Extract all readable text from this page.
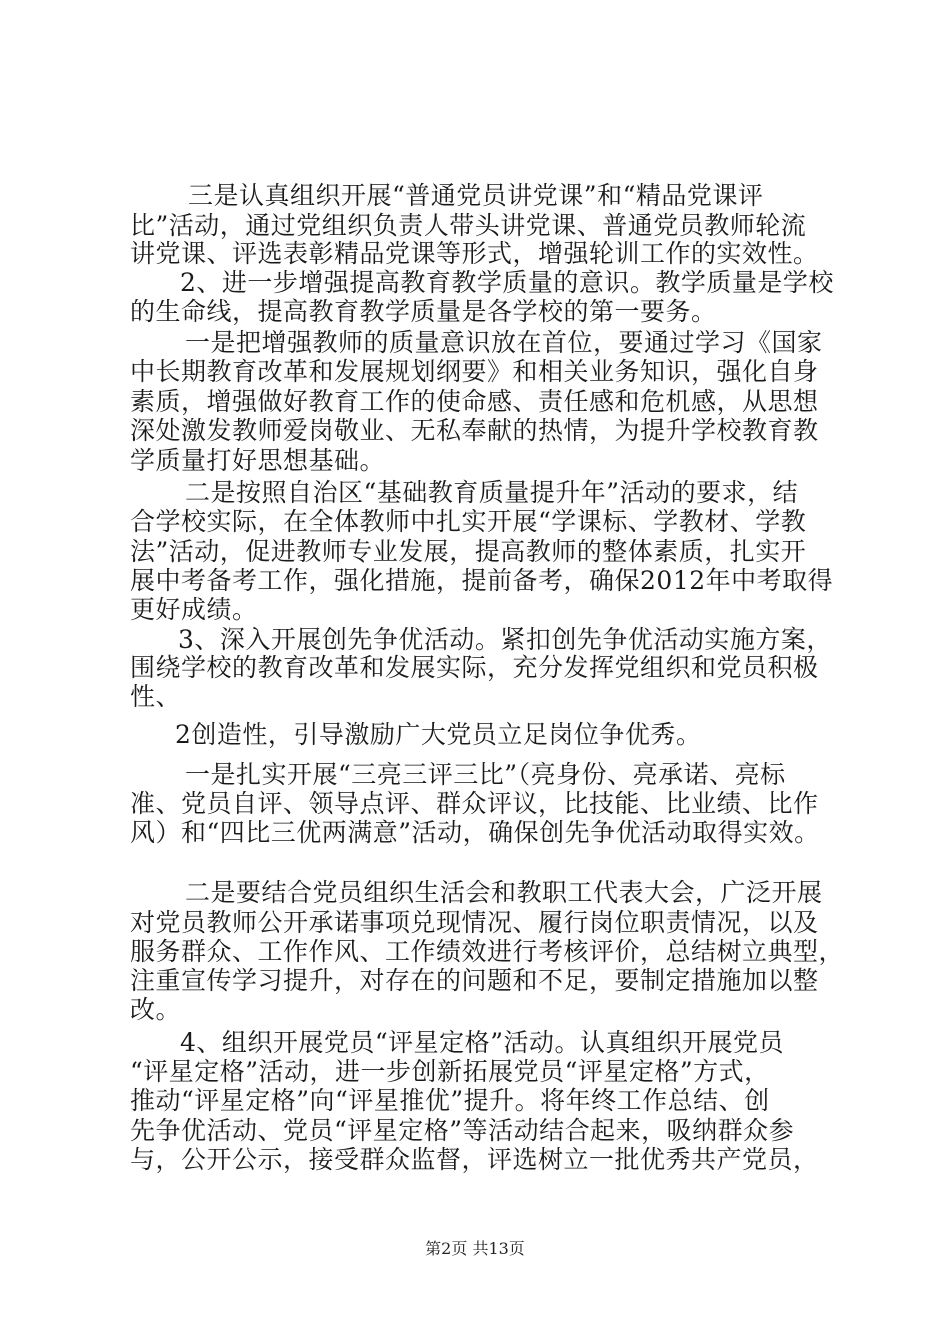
三是认真组织开展“普通党员讲党课”和“精品党课评

比”活动，通过党组织负责人带头讲党课、普通党员教师轮流

讲党课、评选表彰精品党课等形式，增强轮训工作的实效性。

2、进一步增强提高教育教学质量的意识。教学质量是学校

的生命线，提高教育教学质量是各学校的第一要务。

一是把增强教师的质量意识放在首位，要通过学习《国家

中长期教育改革和发展规划纲要》和相关业务知识，强化自身

素质，增强做好教育工作的使命感、责任感和危机感，从思想

深处激发教师爱岗敬业、无私奉献的热情，为提升学校教育教

学质量打好思想基础。

二是按照自治区“基础教育质量提升年”活动的要求，结

合学校实际，在全体教师中扎实开展“学课标、学教材、学教

法”活动，促进教师专业发展，提高教师的整体素质，扎实开

展中考备考工作，强化措施，提前备考，确保2012年中考取得

更好成绩。

3、深入开展创先争优活动。紧扣创先争优活动实施方案，

围绕学校的教育改革和发展实际，充分发挥党组织和党员积极

性、

2创造性，引导激励广大党员立足岗位争优秀。

一是扎实开展“三亮三评三比”（亮身份、亮承诺、亮标

准、党员自评、领导点评、群众评议，比技能、比业绩、比作

风）和“四比三优两满意”活动，确保创先争优活动取得实效。

二是要结合党员组织生活会和教职工代表大会，广泛开展

对党员教师公开承诺事项兑现情况、履行岗位职责情况，以及

服务群众、工作作风、工作绩效进行考核评价，总结树立典型，

注重宣传学习提升，对存在的问题和不足，要制定措施加以整

改。

4、组织开展党员“评星定格”活动。认真组织开展党员

“评星定格”活动，进一步创新拓展党员“评星定格”方式，

推动“评星定格”向“评星推优”提升。将年终工作总结、创

先争优活动、党员“评星定格”等活动结合起来，吸纳群众参

与，公开公示，接受群众监督，评选树立一批优秀共产党员，

第2页 共13页
